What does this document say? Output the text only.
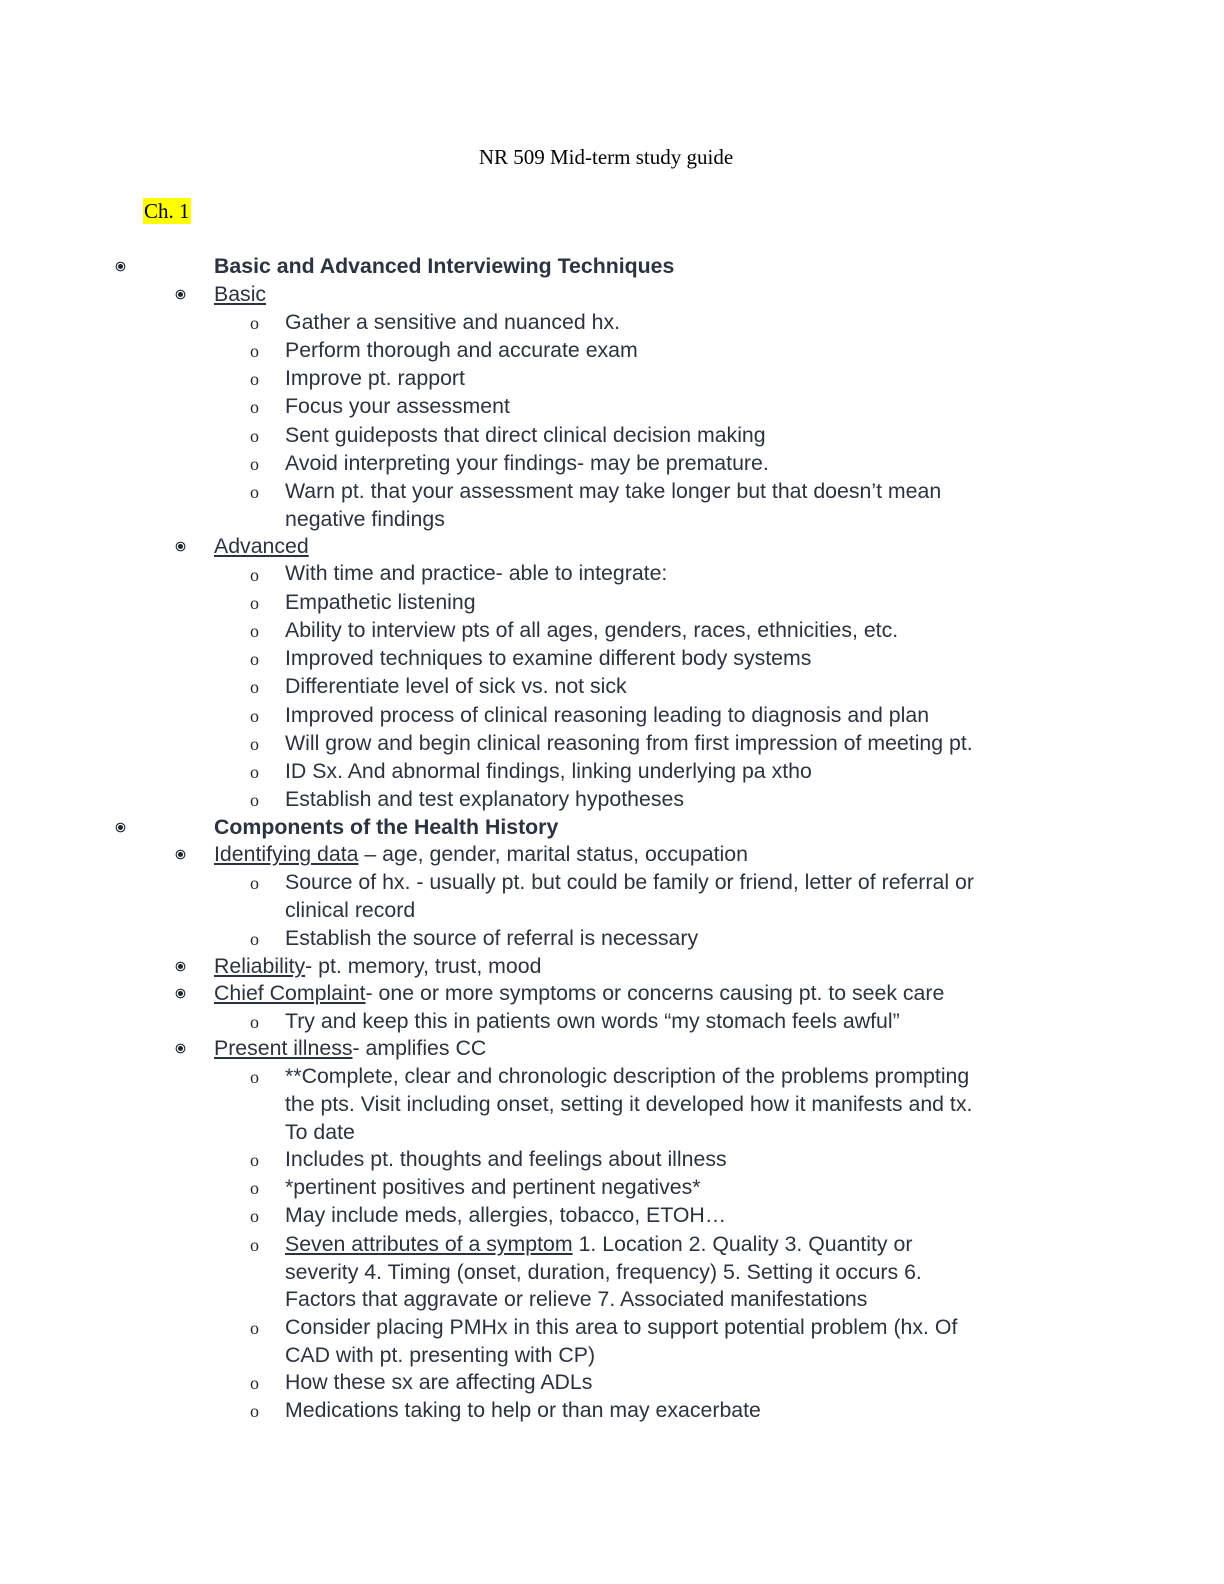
NR 509 Mid-term study guide
Ch. 1
Basic and Advanced Interviewing Techniques
Basic
o Gather a sensitive and nuanced hx.
o Perform thorough and accurate exam
o Improve pt. rapport
o Focus your assessment
o Sent guideposts that direct clinical decision making
o Avoid interpreting your findings- may be premature.
o Warn pt. that your assessment may take longer but that doesn’t mean
negative findings
Advanced
o With time and practice- able to integrate:
o Empathetic listening
o Ability to interview pts of all ages, genders, races, ethnicities, etc.
o Improved techniques to examine different body systems
o Differentiate level of sick vs. not sick
o Improved process of clinical reasoning leading to diagnosis and plan
o Will grow and begin clinical reasoning from first impression of meeting pt.
o ID Sx. And abnormal findings, linking underlying pa xtho
o Establish and test explanatory hypotheses
Components of the Health History
Identifying data – age, gender, marital status, occupation
o Source of hx. - usually pt. but could be family or friend, letter of referral or
clinical record
o Establish the source of referral is necessary
Reliability- pt. memory, trust, mood
Chief Complaint- one or more symptoms or concerns causing pt. to seek care
o Try and keep this in patients own words “my stomach feels awful”
Present illness- amplifies CC
o **Complete, clear and chronologic description of the problems prompting
the pts. Visit including onset, setting it developed how it manifests and tx.
To date
o Includes pt. thoughts and feelings about illness
o *pertinent positives and pertinent negatives*
o May include meds, allergies, tobacco, ETOH…
o Seven attributes of a symptom 1. Location 2. Quality 3. Quantity or
severity 4. Timing (onset, duration, frequency) 5. Setting it occurs 6.
Factors that aggravate or relieve 7. Associated manifestations
o Consider placing PMHx in this area to support potential problem (hx. Of
CAD with pt. presenting with CP)
o How these sx are affecting ADLs
o Medications taking to help or than may exacerbate
